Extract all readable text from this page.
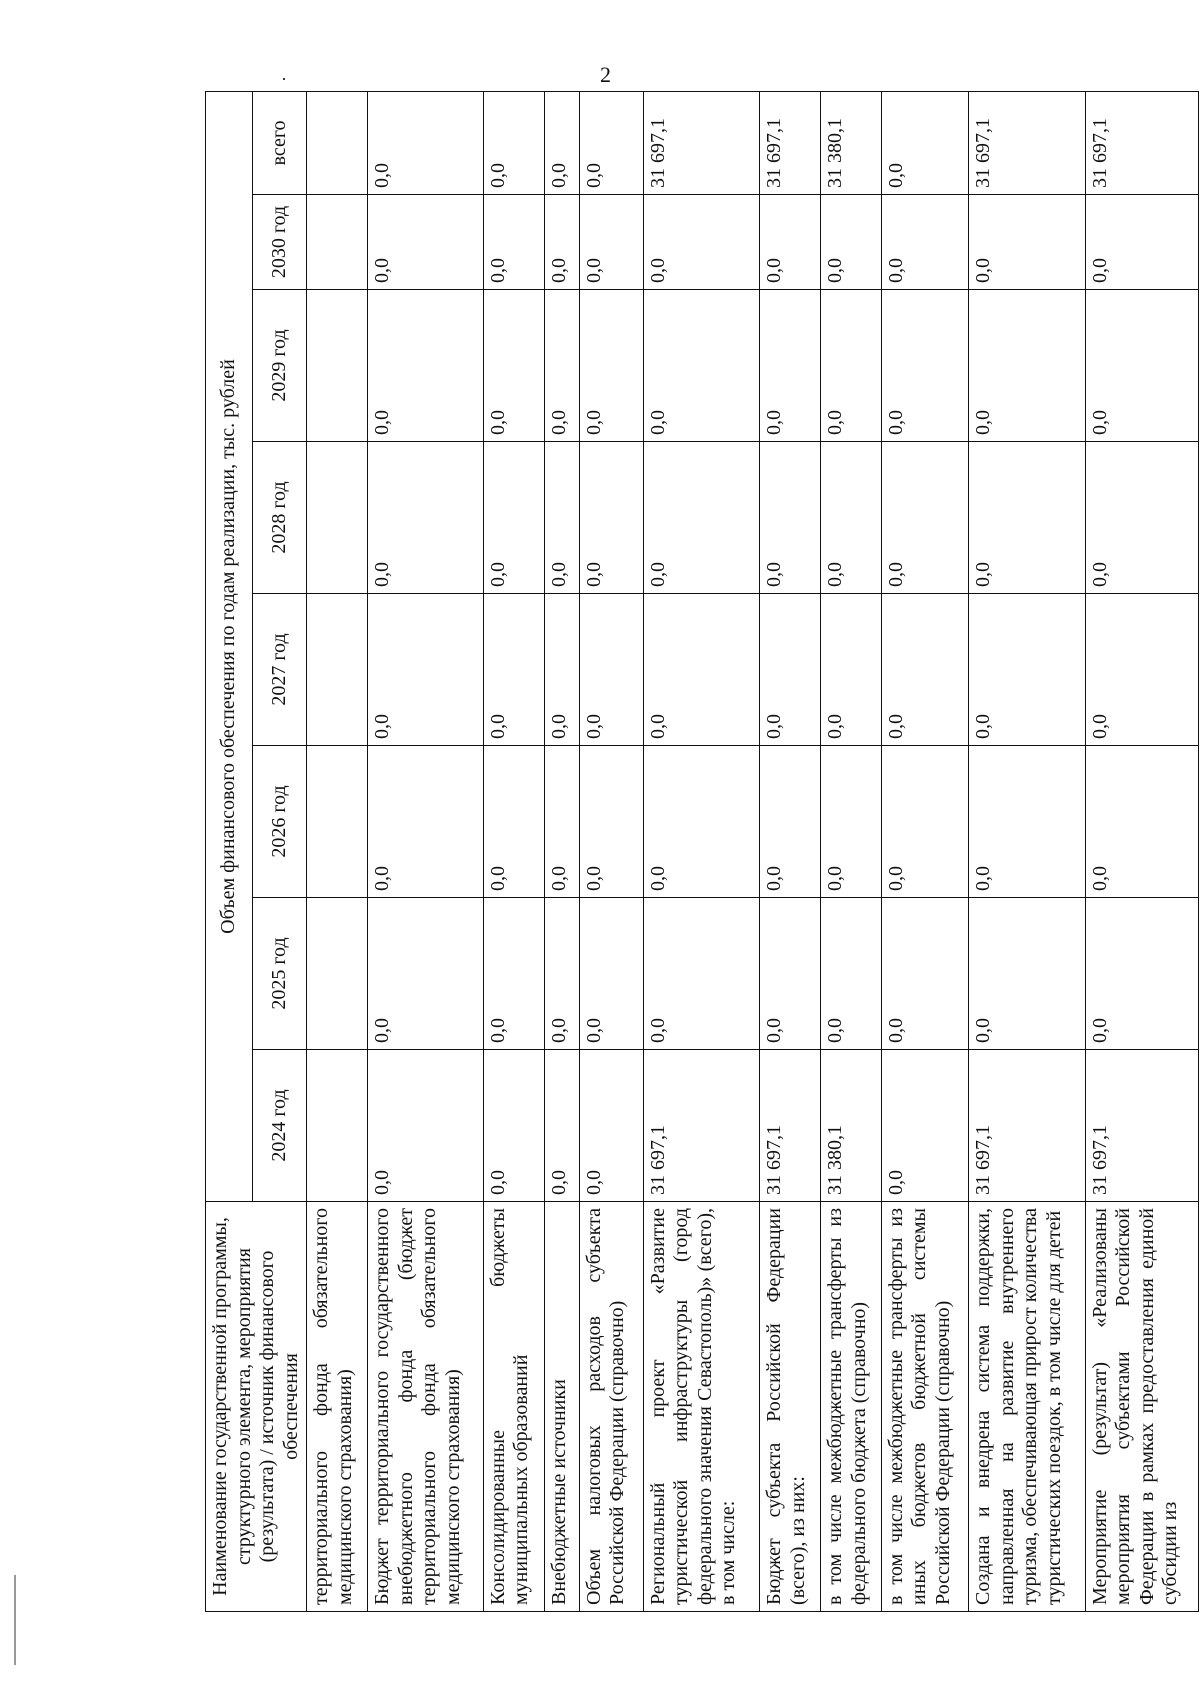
2
·
Наименование государственной программы, структурного элемента, мероприятия (результата) / источник финансового обеспечения	Объем финансового обеспечения по годам реализации, тыс. рублей							
	2024 год	2025 год	2026 год	2027 год	2028 год	2029 год	2030 год	всего
территориального фонда обязательного медицинского страхования)								
Бюджет территориального государственного внебюджетного фонда (бюджет территориального фонда обязательного медицинского страхования)	0,0	0,0	0,0	0,0	0,0	0,0	0,0	0,0
Консолидированные бюджеты муниципальных образований	0,0	0,0	0,0	0,0	0,0	0,0	0,0	0,0
Внебюджетные источники	0,0	0,0	0,0	0,0	0,0	0,0	0,0	0,0
Объем налоговых расходов субъекта Российской Федерации (справочно)	0,0	0,0	0,0	0,0	0,0	0,0	0,0	0,0
Региональный проект «Развитие туристической инфраструктуры (город федерального значения Севастополь)» (всего), в том числе:	31 697,1	0,0	0,0	0,0	0,0	0,0	0,0	31 697,1
Бюджет субъекта Российской Федерации (всего), из них:	31 697,1	0,0	0,0	0,0	0,0	0,0	0,0	31 697,1
в том числе межбюджетные трансферты из федерального бюджета (справочно)	31 380,1	0,0	0,0	0,0	0,0	0,0	0,0	31 380,1
в том числе межбюджетные трансферты из иных бюджетов бюджетной системы Российской Федерации (справочно)	0,0	0,0	0,0	0,0	0,0	0,0	0,0	0,0
Создана и внедрена система поддержки, направленная на развитие внутреннего туризма, обеспечивающая прирост количества туристических поездок, в том числе для детей	31 697,1	0,0	0,0	0,0	0,0	0,0	0,0	31 697,1
Мероприятие (результат) «Реализованы мероприятия субъектами Российской Федерации в рамках предоставления единой субсидии из	31 697,1	0,0	0,0	0,0	0,0	0,0	0,0	31 697,1
